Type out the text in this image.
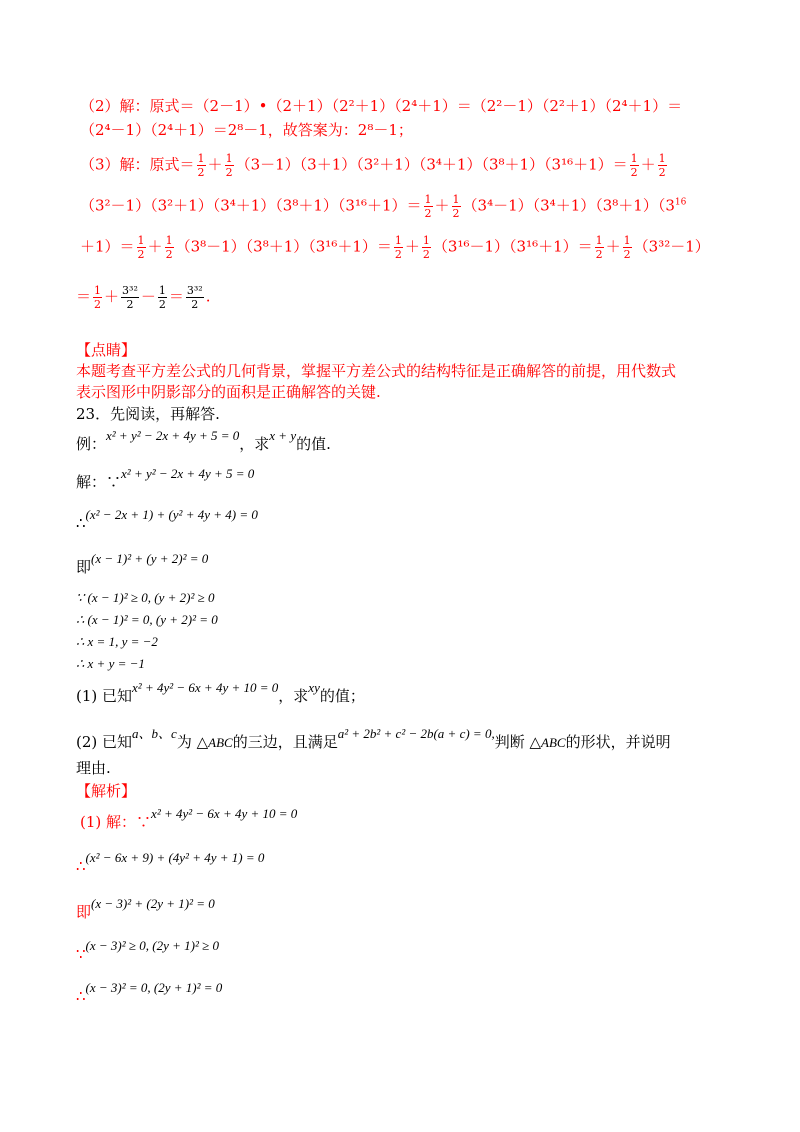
（2）解：原式＝（2－1）•（2＋1）（2²＋1）（2⁴＋1）＝（2²－1）（2²＋1）（2⁴＋1）＝
（2⁴－1）（2⁴＋1）＝2⁸－1，故答案为：2⁸－1；
（3）解：原式＝ $\frac{1}{2} + \frac{1}{2} (3-1)(3+1)(3^2+1)(3^4+1)(3^8+1)(3^{16}+1)= \frac{1}{2} + \frac{1}{2}$
$(3^2-1)(3^2+1)(3^4+1)(3^8+1)(3^{16}+1)= \frac{1}{2} + \frac{1}{2} (3^4-1)(3^4+1)(3^8+1)(3^{16}$
$+1)= \frac{1}{2} + \frac{1}{2} (3^8-1)(3^8+1)(3^{16}+1)= \frac{1}{2} + \frac{1}{2} (3^{16}-1)(3^{16}+1)= \frac{1}{2} + \frac{1}{2} (3^{32}-1)$
＝ $\frac{1}{2} + \frac{\text{3³²}}{2} - \frac{1}{2} = \frac{\text{3³²}}{2}$ .
【点睛】
本题考查平方差公式的几何背景，掌握平方差公式的结构特征是正确解答的前提，用代数式
表示图形中阴影部分的面积是正确解答的关键.
23．先阅读，再解答.
例：x² + y² − 2x + 4y + 5 = 0，求x + y的值.
解：∵x² + y² − 2x + 4y + 5 = 0
∴(x² − 2x + 1) + (y² + 4y + 4) = 0
即(x − 1)² + (y + 2)² = 0
∵ (x − 1)² ≥ 0, (y + 2)² ≥ 0
∴ (x − 1)² = 0, (y + 2)² = 0
∴ x = 1, y = −2
∴ x + y = −1
(1) 已知x² + 4y² − 6x + 4y + 10 = 0，求xy的值；
(2) 已知a、b、c为 △ABC的三边，且满足a² + 2b² + c² − 2b(a + c) = 0,判断 △ABC的形状，并说明
理由.
【解析】
(1) 解：∵x² + 4y² − 6x + 4y + 10 = 0
∴(x² − 6x + 9) + (4y² + 4y + 1) = 0
即(x − 3)² + (2y + 1)² = 0
∵(x − 3)² ≥ 0, (2y + 1)² ≥ 0
∴(x − 3)² = 0, (2y + 1)² = 0
